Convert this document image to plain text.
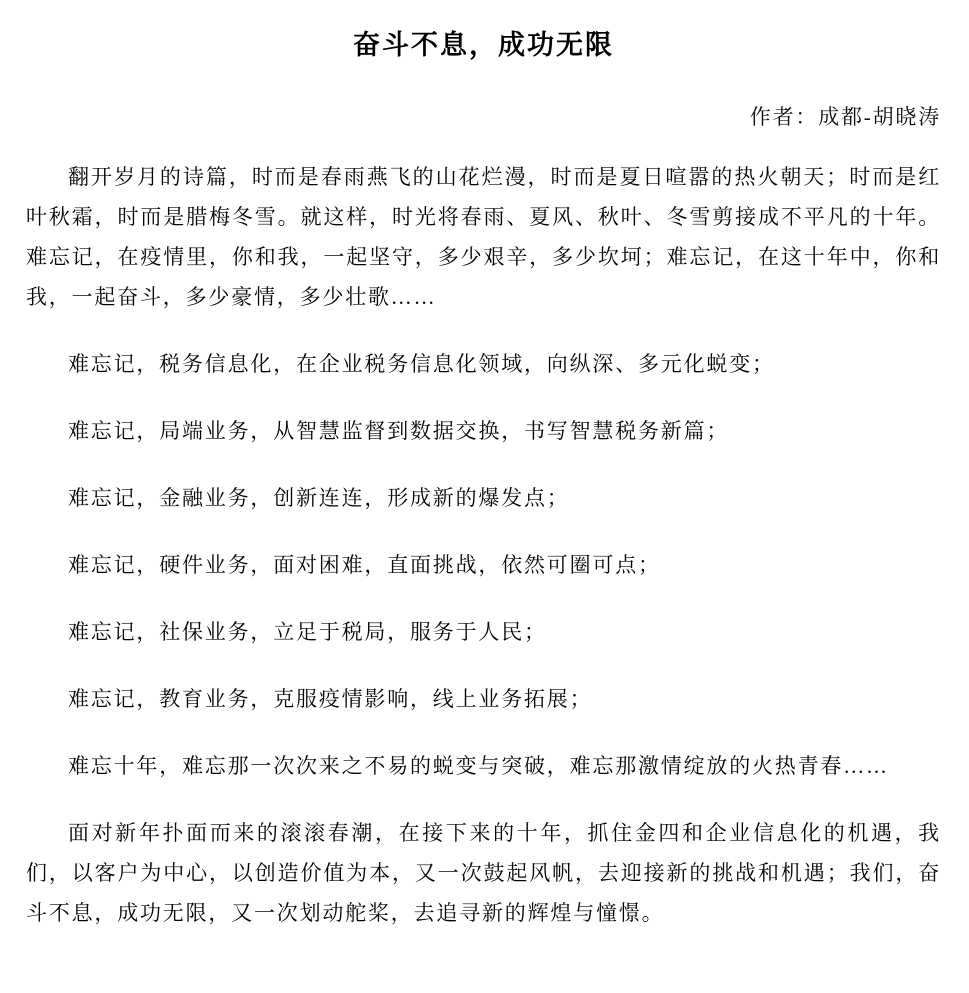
奋斗不息，成功无限
作者：成都-胡晓涛

翻开岁月的诗篇，时而是春雨燕飞的山花烂漫，时而是夏日喧嚣的热火朝天；时而是红叶秋霜，时而是腊梅冬雪。就这样，时光将春雨、夏风、秋叶、冬雪剪接成不平凡的十年。难忘记，在疫情里，你和我，一起坚守，多少艰辛，多少坎坷；难忘记，在这十年中，你和我，一起奋斗，多少豪情，多少壮歌……

难忘记，税务信息化，在企业税务信息化领域，向纵深、多元化蜕变；

难忘记，局端业务，从智慧监督到数据交换，书写智慧税务新篇；

难忘记，金融业务，创新连连，形成新的爆发点；

难忘记，硬件业务，面对困难，直面挑战，依然可圈可点；

难忘记，社保业务，立足于税局，服务于人民；

难忘记，教育业务，克服疫情影响，线上业务拓展；

难忘十年，难忘那一次次来之不易的蜕变与突破，难忘那激情绽放的火热青春……

面对新年扑面而来的滚滚春潮，在接下来的十年，抓住金四和企业信息化的机遇，我们，以客户为中心，以创造价值为本，又一次鼓起风帆，去迎接新的挑战和机遇；我们，奋斗不息，成功无限，又一次划动舵桨，去追寻新的辉煌与憧憬。
